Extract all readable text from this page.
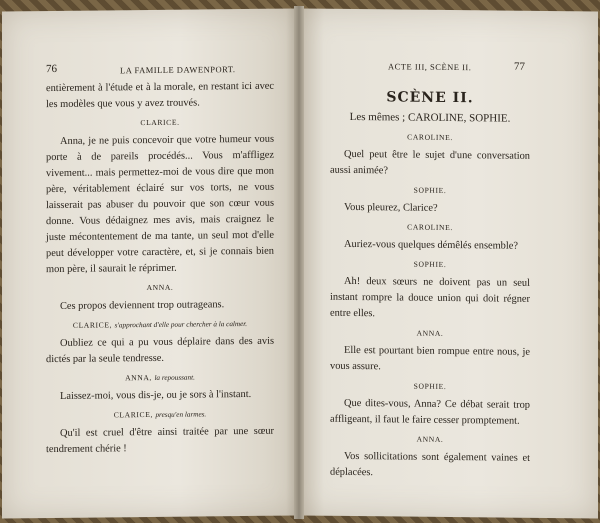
76	LA FAMILLE DAWENPORT.

entièrement à l'étude et à la morale, en restant ici avec les modèles que vous y avez trouvés.

CLARICE.

Anna, je ne puis concevoir que votre humeur vous porte à de pareils procédés... Vous m'affligez vivement... mais permettez-moi de vous dire que mon père, véritablement éclairé sur vos torts, ne vous laisserait pas abuser du pouvoir que son cœur vous donne. Vous dédaignez mes avis, mais craignez le juste mécontentement de ma tante, un seul mot d'elle peut développer votre caractère, et, si je connais bien mon père, il saurait le réprimer.

ANNA.

Ces propos deviennent trop outrageans.

CLARICE, s'approchant d'elle pour chercher à la calmer.

Oubliez ce qui a pu vous déplaire dans des avis dictés par la seule tendresse.

ANNA, la repoussant.

Laissez-moi, vous dis-je, ou je sors à l'instant.

CLARICE, presqu'en larmes.

Qu'il est cruel d'être ainsi traitée par une sœur tendrement chérie !

ACTE III, SCÈNE II.	77
SCÈNE II.
Les mêmes ; CAROLINE, SOPHIE.
CAROLINE.

Quel peut être le sujet d'une conversation aussi animée?

SOPHIE.

Vous pleurez, Clarice?

CAROLINE.

Auriez-vous quelques démêlés ensemble?

SOPHIE.

Ah! deux sœurs ne doivent pas un seul instant rompre la douce union qui doit régner entre elles.

ANNA.

Elle est pourtant bien rompue entre nous, je vous assure.

SOPHIE.

Que dites-vous, Anna? Ce débat serait trop affligeant, il faut le faire cesser promptement.

ANNA.

Vos sollicitations sont également vaines et déplacées.
